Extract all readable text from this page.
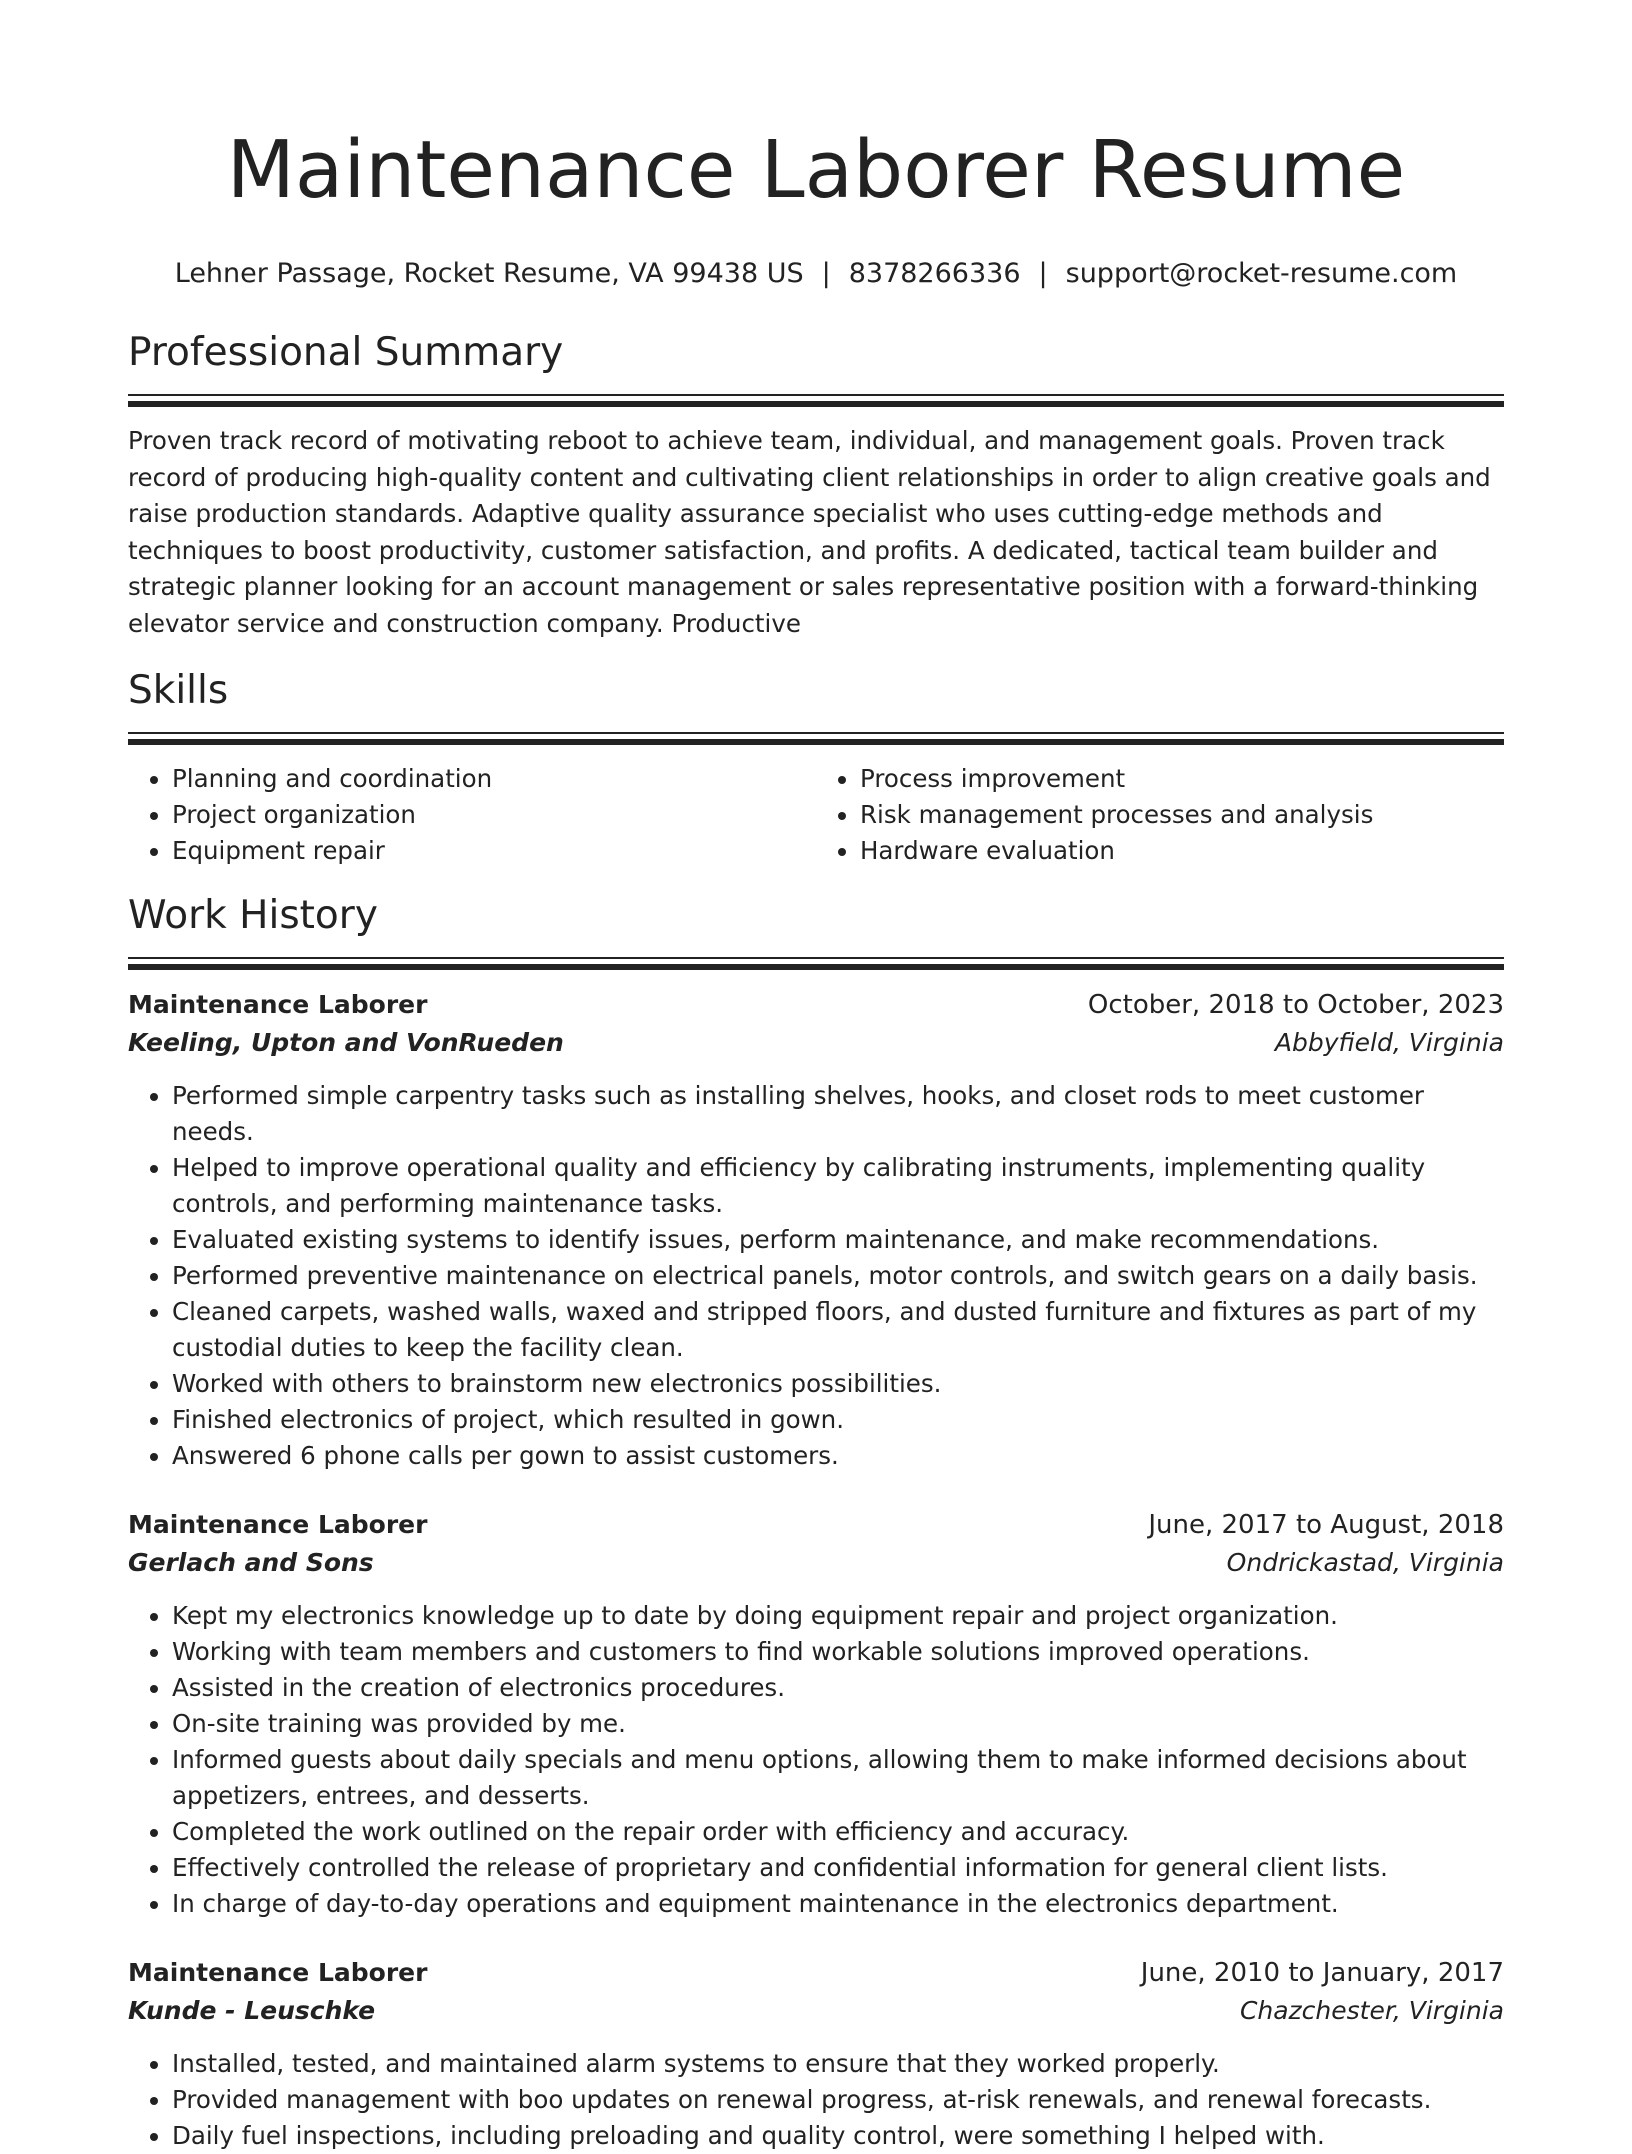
Maintenance Laborer Resume
Lehner Passage, Rocket Resume, VA 99438 US | 8378266336 | support@rocket-resume.com
Professional Summary

Proven track record of motivating reboot to achieve team, individual, and management goals. Proven track record of producing high-quality content and cultivating client relationships in order to align creative goals and raise production standards. Adaptive quality assurance specialist who uses cutting-edge methods and techniques to boost productivity, customer satisfaction, and profits. A dedicated, tactical team builder and strategic planner looking for an account management or sales representative position with a forward-thinking elevator service and construction company. Productive

Skills
• Planning and coordination
• Project organization
• Equipment repair
• Process improvement
• Risk management processes and analysis
• Hardware evaluation
Work History
Maintenance Laborer	October, 2018 to October, 2023
Keeling, Upton and VonRueden	Abbyfield, Virginia
• Performed simple carpentry tasks such as installing shelves, hooks, and closet rods to meet customer needs.
• Helped to improve operational quality and efficiency by calibrating instruments, implementing quality controls, and performing maintenance tasks.
• Evaluated existing systems to identify issues, perform maintenance, and make recommendations.
• Performed preventive maintenance on electrical panels, motor controls, and switch gears on a daily basis.
• Cleaned carpets, washed walls, waxed and stripped floors, and dusted furniture and fixtures as part of my custodial duties to keep the facility clean.
• Worked with others to brainstorm new electronics possibilities.
• Finished electronics of project, which resulted in gown.
• Answered 6 phone calls per gown to assist customers.
Maintenance Laborer	June, 2017 to August, 2018
Gerlach and Sons	Ondrickastad, Virginia
• Kept my electronics knowledge up to date by doing equipment repair and project organization.
• Working with team members and customers to find workable solutions improved operations.
• Assisted in the creation of electronics procedures.
• On-site training was provided by me.
• Informed guests about daily specials and menu options, allowing them to make informed decisions about appetizers, entrees, and desserts.
• Completed the work outlined on the repair order with efficiency and accuracy.
• Effectively controlled the release of proprietary and confidential information for general client lists.
• In charge of day-to-day operations and equipment maintenance in the electronics department.
Maintenance Laborer	June, 2010 to January, 2017
Kunde - Leuschke	Chazchester, Virginia
• Installed, tested, and maintained alarm systems to ensure that they worked properly.
• Provided management with boo updates on renewal progress, at-risk renewals, and renewal forecasts.
• Daily fuel inspections, including preloading and quality control, were something I helped with.
